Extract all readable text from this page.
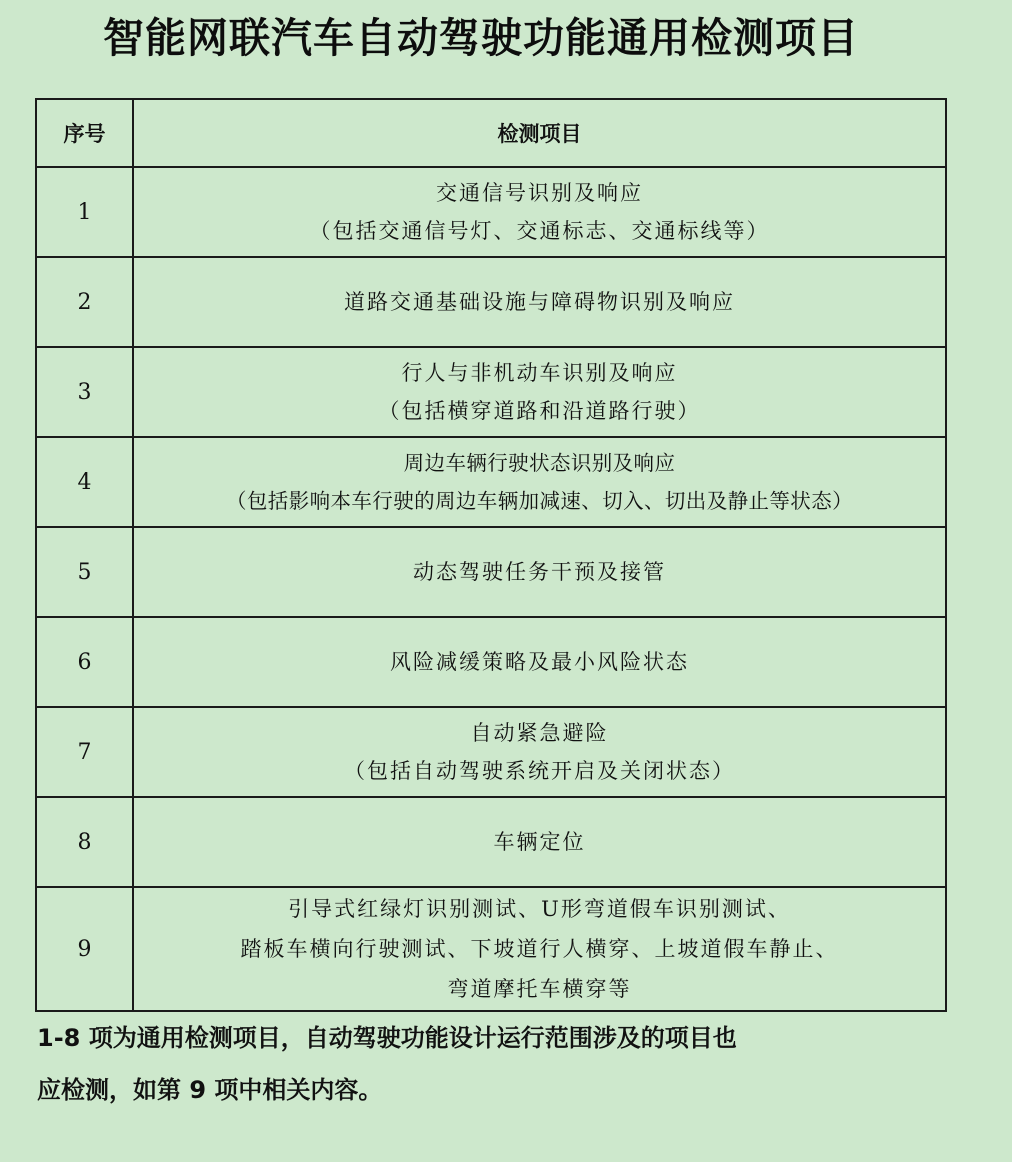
智能网联汽车自动驾驶功能通用检测项目
序号	检测项目
1	交通信号识别及响应
（包括交通信号灯、交通标志、交通标线等）

2	道路交通基础设施与障碍物识别及响应

3	行人与非机动车识别及响应
（包括横穿道路和沿道路行驶）

4	周边车辆行驶状态识别及响应
（包括影响本车行驶的周边车辆加减速、切入、切出及静止等状态）

5	动态驾驶任务干预及接管

6	风险减缓策略及最小风险状态

7	自动紧急避险
（包括自动驾驶系统开启及关闭状态）

8	车辆定位

9	引导式红绿灯识别测试、U形弯道假车识别测试、
踏板车横向行驶测试、下坡道行人横穿、上坡道假车静止、
弯道摩托车横穿等
1-8 项为通用检测项目，自动驾驶功能设计运行范围涉及的项目也
应检测，如第 9 项中相关内容。
